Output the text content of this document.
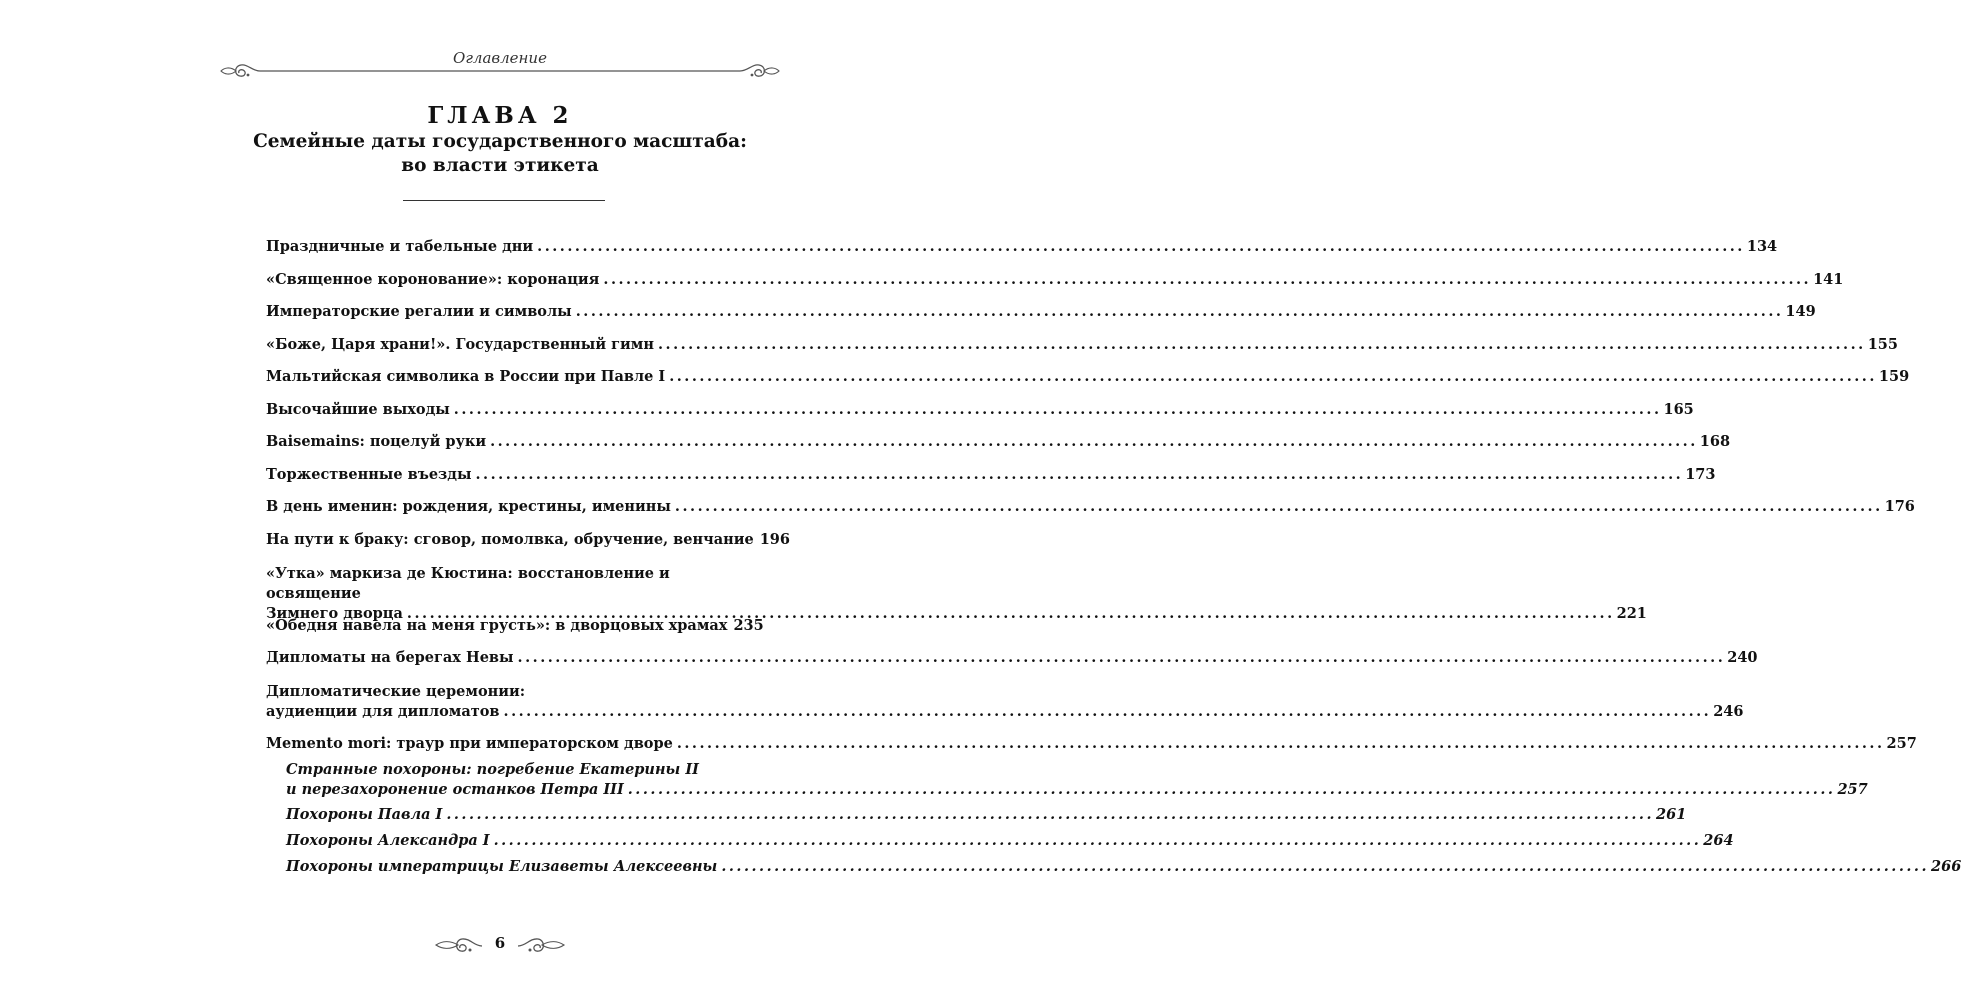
Оглавление
ГЛАВА 2
Семейные даты государственного масштаба:
во власти этикета
Праздничные и табельные дни ................................................................................................................................................................ 134
«Священное коронование»: коронация ................................................................................................................................................................ 141
Императорские регалии и символы ................................................................................................................................................................ 149
«Боже, Царя храни!». Государственный гимн ................................................................................................................................................................ 155
Мальтийская символика в России при Павле I ................................................................................................................................................................ 159
Высочайшие выходы ................................................................................................................................................................ 165
Baisemains: поцелуй руки ................................................................................................................................................................ 168
Торжественные въезды ................................................................................................................................................................ 173
В день именин: рождения, крестины, именины ................................................................................................................................................................ 176
На пути к браку: сговор, помолвка, обручение, венчание 196
«Утка» маркиза де Кюстина: восстановление и освящение
Зимнего дворца ................................................................................................................................................................ 221
«Обедня навела на меня грусть»: в дворцовых храмах 235
Дипломаты на берегах Невы ................................................................................................................................................................ 240
Дипломатические церемонии:
аудиенции для дипломатов ................................................................................................................................................................ 246
Memento mori: траур при императорском дворе ................................................................................................................................................................ 257
Странные похороны: погребение Екатерины II
и перезахоронение останков Петра III ................................................................................................................................................................ 257
Похороны Павла I ................................................................................................................................................................ 261
Похороны Александра I ................................................................................................................................................................ 264
Похороны императрицы Елизаветы Алексеевны ................................................................................................................................................................ 266
6
